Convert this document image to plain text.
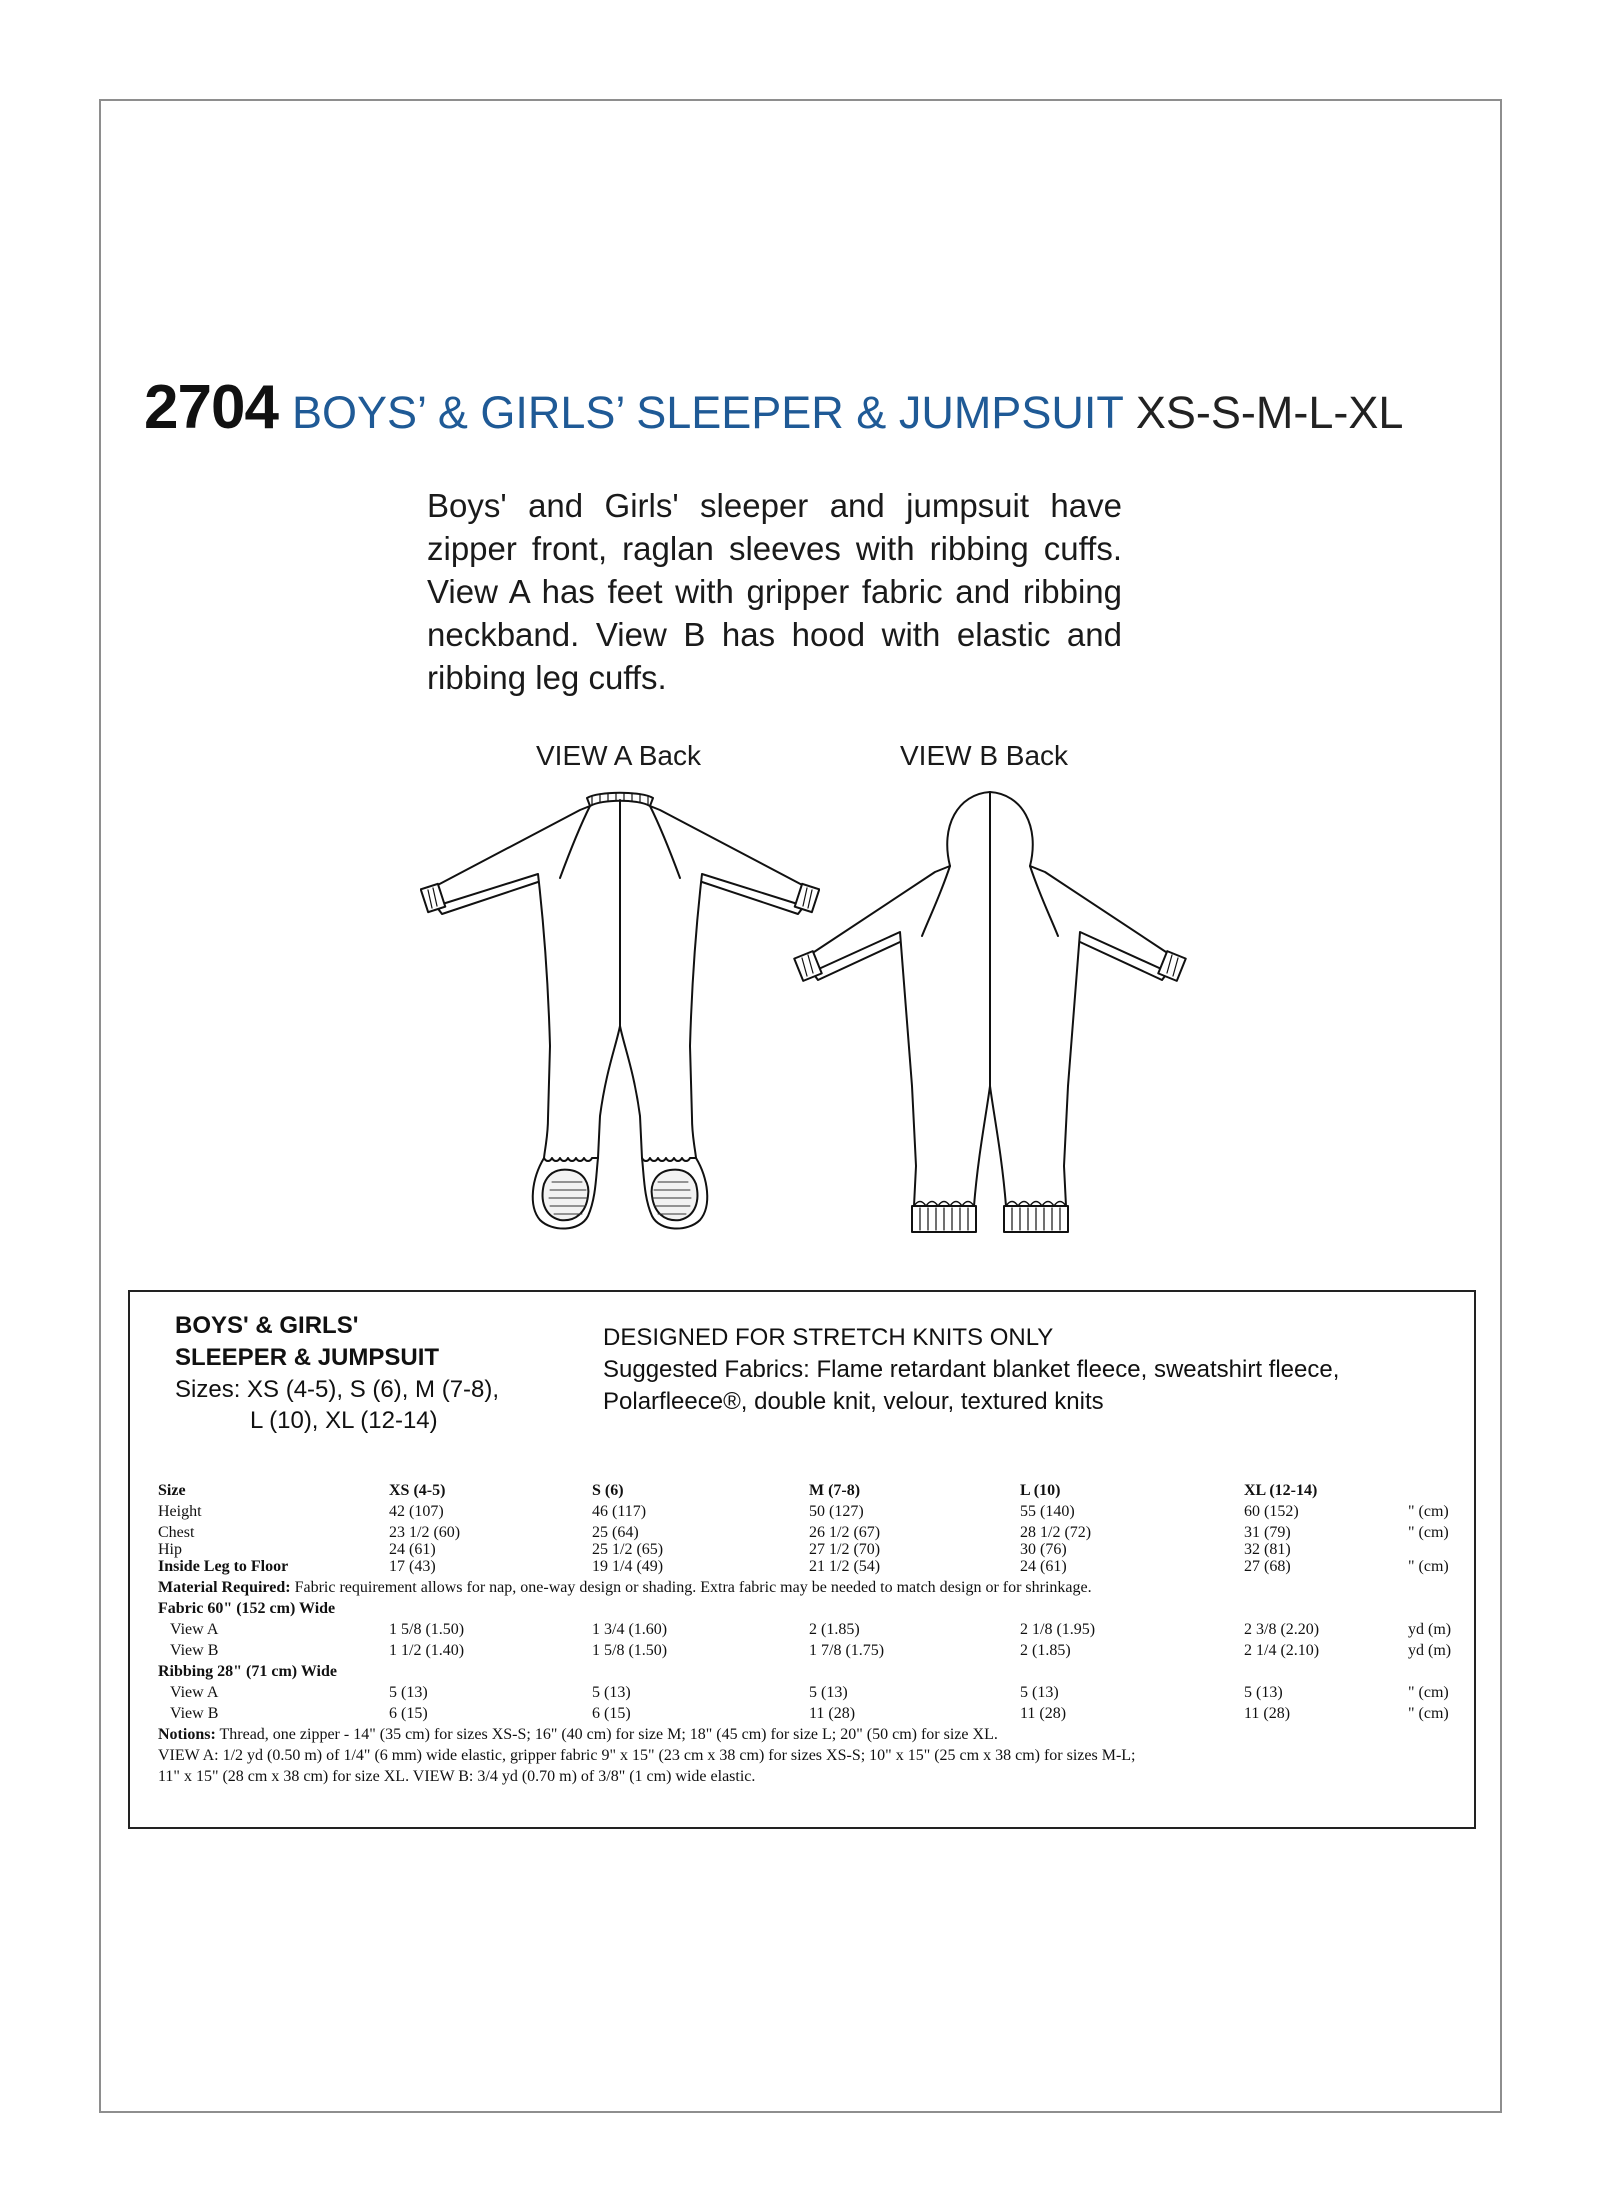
2704 BOYS’ & GIRLS’ SLEEPER & JUMPSUIT XS-S-M-L-XL
Boys' and Girls' sleeper and jumpsuit have zipper front, raglan sleeves with ribbing cuffs. View A has feet with gripper fabric and ribbing neckband. View B has hood with elastic and ribbing leg cuffs.
VIEW A Back	VIEW B Back
BOYS' & GIRLS'
SLEEPER & JUMPSUIT
Sizes: XS (4-5), S (6), M (7-8),
L (10), XL (12-14)
DESIGNED FOR STRETCH KNITS ONLY
Suggested Fabrics: Flame retardant blanket fleece, sweatshirt fleece,
Polarfleece®, double knit, velour, textured knits
Size	XS (4-5)	S (6)	M (7-8)	L (10)	XL (12-14)
Height	42 (107)	46 (117)	50 (127)	55 (140)	60 (152)	" (cm)
Chest	23 1/2 (60)	25 (64)	26 1/2 (67)	28 1/2 (72)	31 (79)	" (cm)
Hip	24 (61)	25 1/2 (65)	27 1/2 (70)	30 (76)	32 (81)
Inside Leg to Floor	17 (43)	19 1/4 (49)	21 1/2 (54)	24 (61)	27 (68)	" (cm)
Material Required: Fabric requirement allows for nap, one-way design or shading. Extra fabric may be needed to match design or for shrinkage.
Fabric 60" (152 cm) Wide
View A	1 5/8 (1.50)	1 3/4 (1.60)	2 (1.85)	2 1/8 (1.95)	2 3/8 (2.20)	yd (m)
View B	1 1/2 (1.40)	1 5/8 (1.50)	1 7/8 (1.75)	2 (1.85)	2 1/4 (2.10)	yd (m)
Ribbing 28" (71 cm) Wide
View A	5 (13)	5 (13)	5 (13)	5 (13)	5 (13)	" (cm)
View B	6 (15)	6 (15)	11 (28)	11 (28)	11 (28)	" (cm)
Notions: Thread, one zipper - 14" (35 cm) for sizes XS-S; 16" (40 cm) for size M; 18" (45 cm) for size L; 20" (50 cm) for size XL.
VIEW A: 1/2 yd (0.50 m) of 1/4" (6 mm) wide elastic, gripper fabric 9" x 15" (23 cm x 38 cm) for sizes XS-S; 10" x 15" (25 cm x 38 cm) for sizes M-L;
11" x 15" (28 cm x 38 cm) for size XL. VIEW B: 3/4 yd (0.70 m) of 3/8" (1 cm) wide elastic.
